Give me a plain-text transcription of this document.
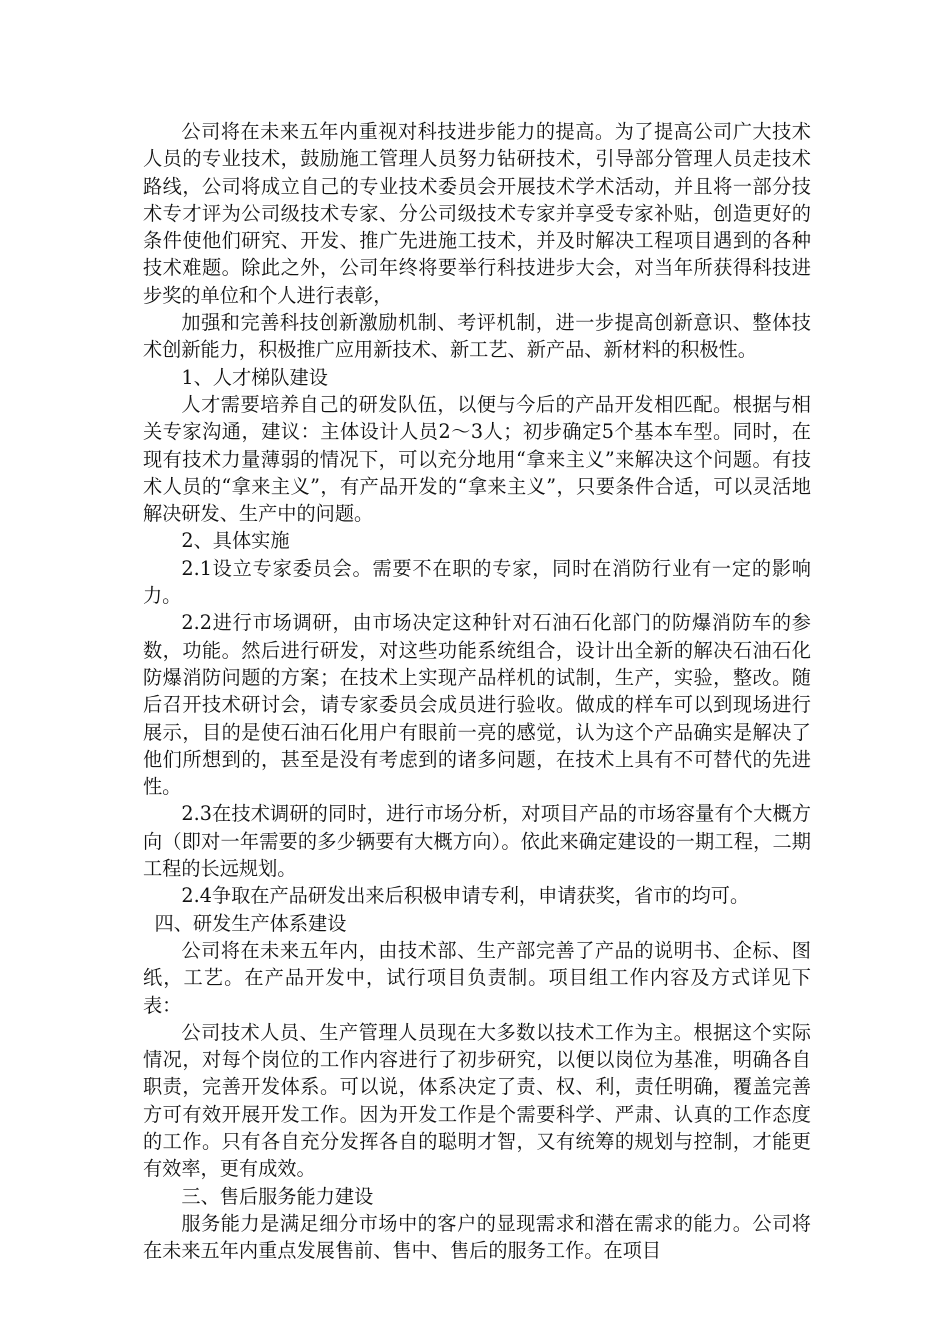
公司将在未来五年内重视对科技进步能力的提高。为了提高公司广大技术人员的专业技术，鼓励施工管理人员努力钻研技术，引导部分管理人员走技术路线，公司将成立自己的专业技术委员会开展技术学术活动，并且将一部分技术专才评为公司级技术专家、分公司级技术专家并享受专家补贴，创造更好的条件使他们研究、开发、推广先进施工技术，并及时解决工程项目遇到的各种技术难题。除此之外，公司年终将要举行科技进步大会，对当年所获得科技进步奖的单位和个人进行表彰，

加强和完善科技创新激励机制、考评机制，进一步提高创新意识、整体技术创新能力，积极推广应用新技术、新工艺、新产品、新材料的积极性。

1、人才梯队建设

人才需要培养自己的研发队伍，以便与今后的产品开发相匹配。根据与相关专家沟通，建议：主体设计人员2～3人；初步确定5个基本车型。同时，在现有技术力量薄弱的情况下，可以充分地用“拿来主义”来解决这个问题。有技术人员的“拿来主义”，有产品开发的“拿来主义”，只要条件合适，可以灵活地解决研发、生产中的问题。

2、具体实施

2.1设立专家委员会。需要不在职的专家，同时在消防行业有一定的影响力。

2.2进行市场调研，由市场决定这种针对石油石化部门的防爆消防车的参数，功能。然后进行研发，对这些功能系统组合，设计出全新的解决石油石化防爆消防问题的方案；在技术上实现产品样机的试制，生产，实验，整改。随后召开技术研讨会，请专家委员会成员进行验收。做成的样车可以到现场进行展示，目的是使石油石化用户有眼前一亮的感觉，认为这个产品确实是解决了他们所想到的，甚至是没有考虑到的诸多问题，在技术上具有不可替代的先进性。

2.3在技术调研的同时，进行市场分析，对项目产品的市场容量有个大概方向（即对一年需要的多少辆要有大概方向）。依此来确定建设的一期工程，二期工程的长远规划。

2.4争取在产品研发出来后积极申请专利，申请获奖，省市的均可。

四、研发生产体系建设

公司将在未来五年内，由技术部、生产部完善了产品的说明书、企标、图纸，工艺。在产品开发中，试行项目负责制。项目组工作内容及方式详见下表：

公司技术人员、生产管理人员现在大多数以技术工作为主。根据这个实际情况，对每个岗位的工作内容进行了初步研究，以便以岗位为基准，明确各自职责，完善开发体系。可以说，体系决定了责、权、利，责任明确，覆盖完善方可有效开展开发工作。因为开发工作是个需要科学、严肃、认真的工作态度的工作。只有各自充分发挥各自的聪明才智，又有统筹的规划与控制，才能更有效率，更有成效。

三、售后服务能力建设

服务能力是满足细分市场中的客户的显现需求和潜在需求的能力。公司将在未来五年内重点发展售前、售中、售后的服务工作。在项目
